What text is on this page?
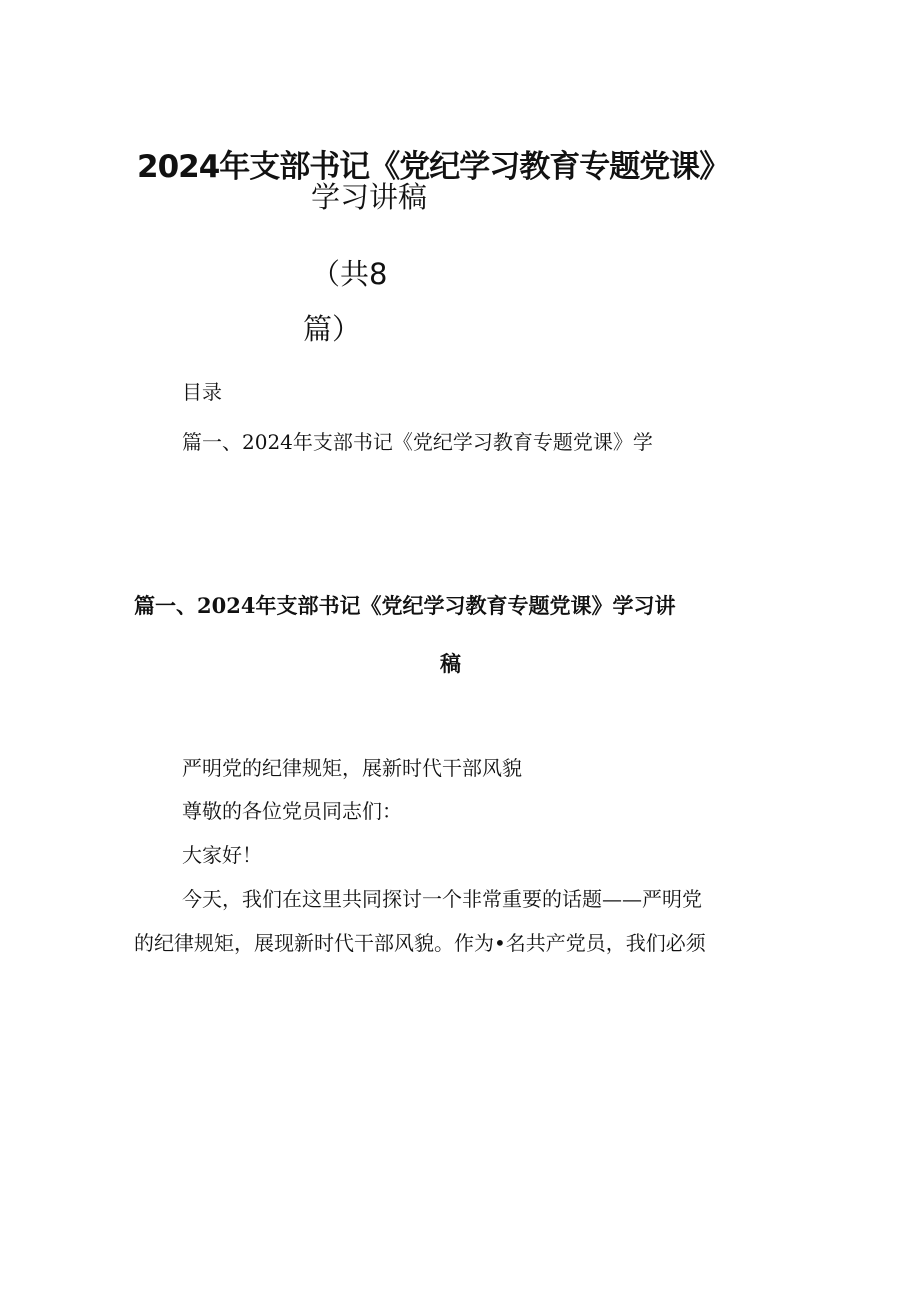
2024年支部书记《党纪学习教育专题党课》
学习讲稿
（共8
篇）
目录
篇一、2024年支部书记《党纪学习教育专题党课》学
篇一、2024年支部书记《党纪学习教育专题党课》学习讲
稿
严明党的纪律规矩，展新时代干部风貌
尊敬的各位党员同志们：
大家好！
今天，我们在这里共同探讨一个非常重要的话题——严明党
的纪律规矩，展现新时代干部风貌。作为•名共产党员，我们必须
